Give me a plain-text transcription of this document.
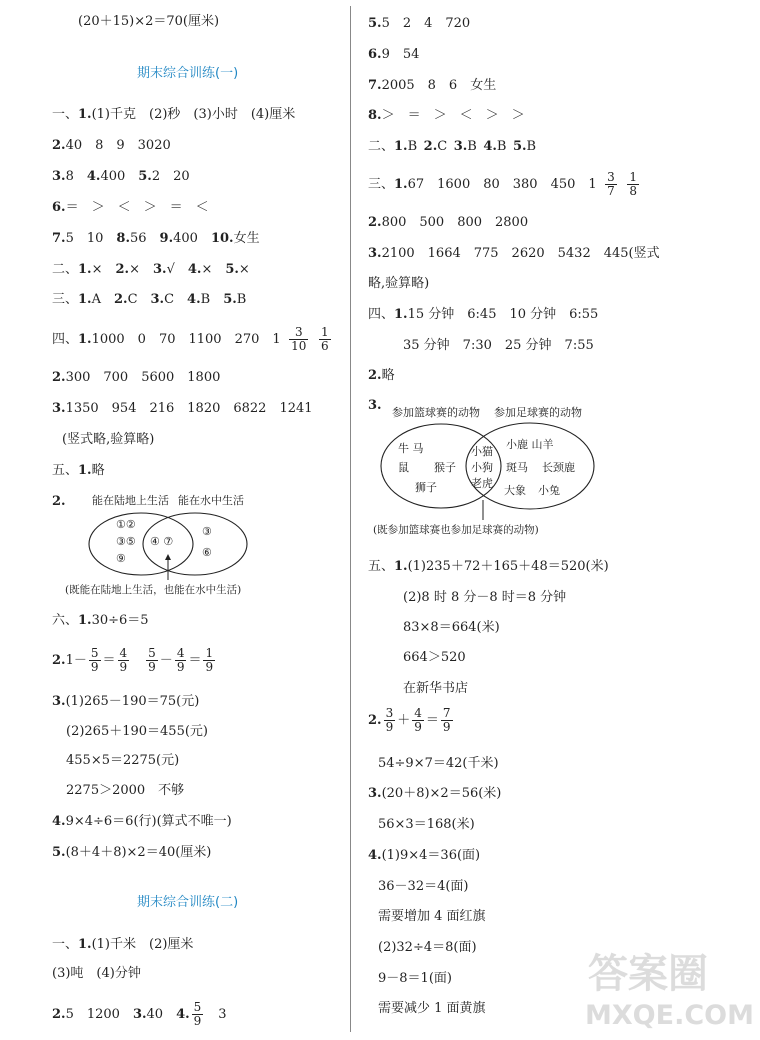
(20＋15)×2＝70(厘米)
期末综合训练(一)
一、1.(1)千克　(2)秒　(3)小时　(4)厘米
2.40　8　9　3020
3.8  4.400  5.2　20
6.＝　＞　＜　＞　＝　＜
7.5　10  8.56  9.400  10.女生
二、1.×  2.×  3.√  4.×  5.×
三、1.A  2.C  3.C  4.B  5.B
四、1.1000　0　70　1100　270　1  $\frac{3}{10}$
  $\frac{1}{6}$
2.300　700　5600　1800
3.1350　954　216　1820　6822　1241
(竖式略,验算略)
五、1.略
2. 能在陆地上生活 能在水中生活
①②
③⑤
⑨
④ ⑦
③
⑥
(既能在陆地上生活，也能在水中生活)
六、1.30÷6＝5
$2.1- \frac{5}{9} = \frac{4}{9}$
  $\frac{5}{9} - \frac{4}{9} = \frac{1}{9}$
3.(1)265－190＝75(元)
(2)265＋190＝455(元)
455×5＝2275(元)
2275＞2000　不够
4.9×4÷6＝6(行)(算式不唯一)
5.(8＋4＋8)×2＝40(厘米)
期末综合训练(二)
一、1.(1)千米　(2)厘米
(3)吨　(4)分钟
2.5　1200  3.40  4. $\frac{5}{9}$
  3
5.5　2　4　720
6.9　54
7.2005　8　6　女生
8.＞　＝　＞　＜　＞　＞
二、1.B  2.C  3.B  4.B  5.B
三、1.67　1600　80　380　450　1  $\frac{3}{7}$
  $\frac{1}{8}$
2.800　500　800　2800
3.2100　1664　775　2620　5432　445(竖式
略,验算略)
四、1.15 分钟　6:45　10 分钟　6:55
35 分钟　7:30　25 分钟　7:55
2.略
3. 参加篮球赛的动物 参加足球赛的动物
牛 马
鼠 猴子
狮子
小猫
小狗
老虎
小鹿 山羊
斑马 长颈鹿
大象 小兔
(既参加篮球赛也参加足球赛的动物)
五、1.(1)235＋72＋165＋48＝520(米)
(2)8 时 8 分－8 时＝8 分钟
83×8＝664(米)
664＞520
在新华书店
2. $\frac{3}{9} + \frac{4}{9} = \frac{7}{9}$
54÷9×7＝42(千米)
3.(20＋8)×2＝56(米)
56×3＝168(米)
4.(1)9×4＝36(面)
36－32＝4(面)
需要增加 4 面红旗
(2)32÷4＝8(面)
9－8＝1(面)
需要减少 1 面黄旗
答案圈
MXQE.COM
